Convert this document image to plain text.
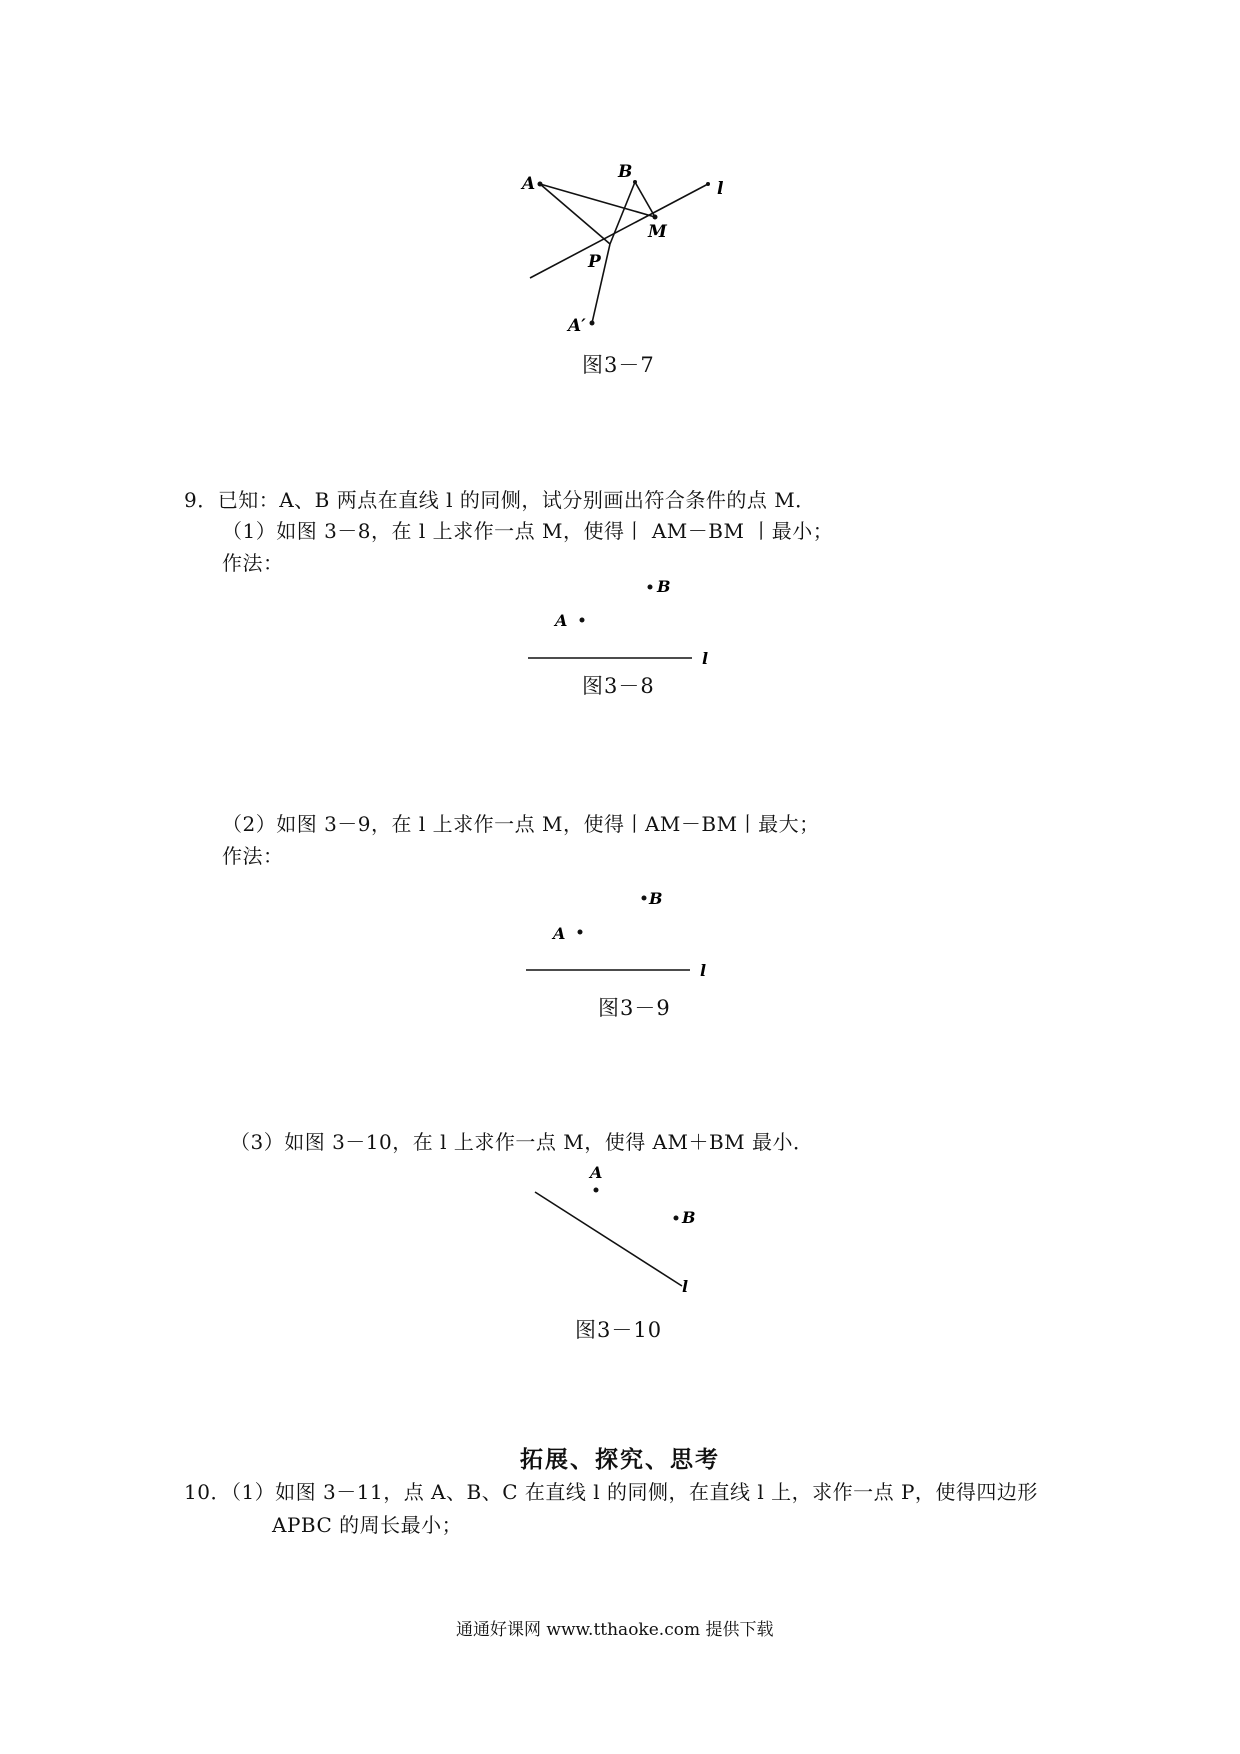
A
B
M
l
P
A′
图3－7
9．已知：A、B 两点在直线 l 的同侧，试分别画出符合条件的点 M．
（1）如图 3－8，在 l 上求作一点 M，使得丨 AM－BM 丨最小；
作法：
A
B
l
图3－8
（2）如图 3－9，在 l 上求作一点 M，使得丨AM－BM丨最大；
作法：
A
B
l
图3－9
（3）如图 3－10，在 l 上求作一点 M，使得 AM＋BM 最小．
A
B
l
图3－10
拓展、探究、思考
10．（1）如图 3－11，点 A、B、C 在直线 l 的同侧，在直线 l 上，求作一点 P，使得四边形
APBC 的周长最小；
通通好课网 www.tthaoke.com 提供下载
